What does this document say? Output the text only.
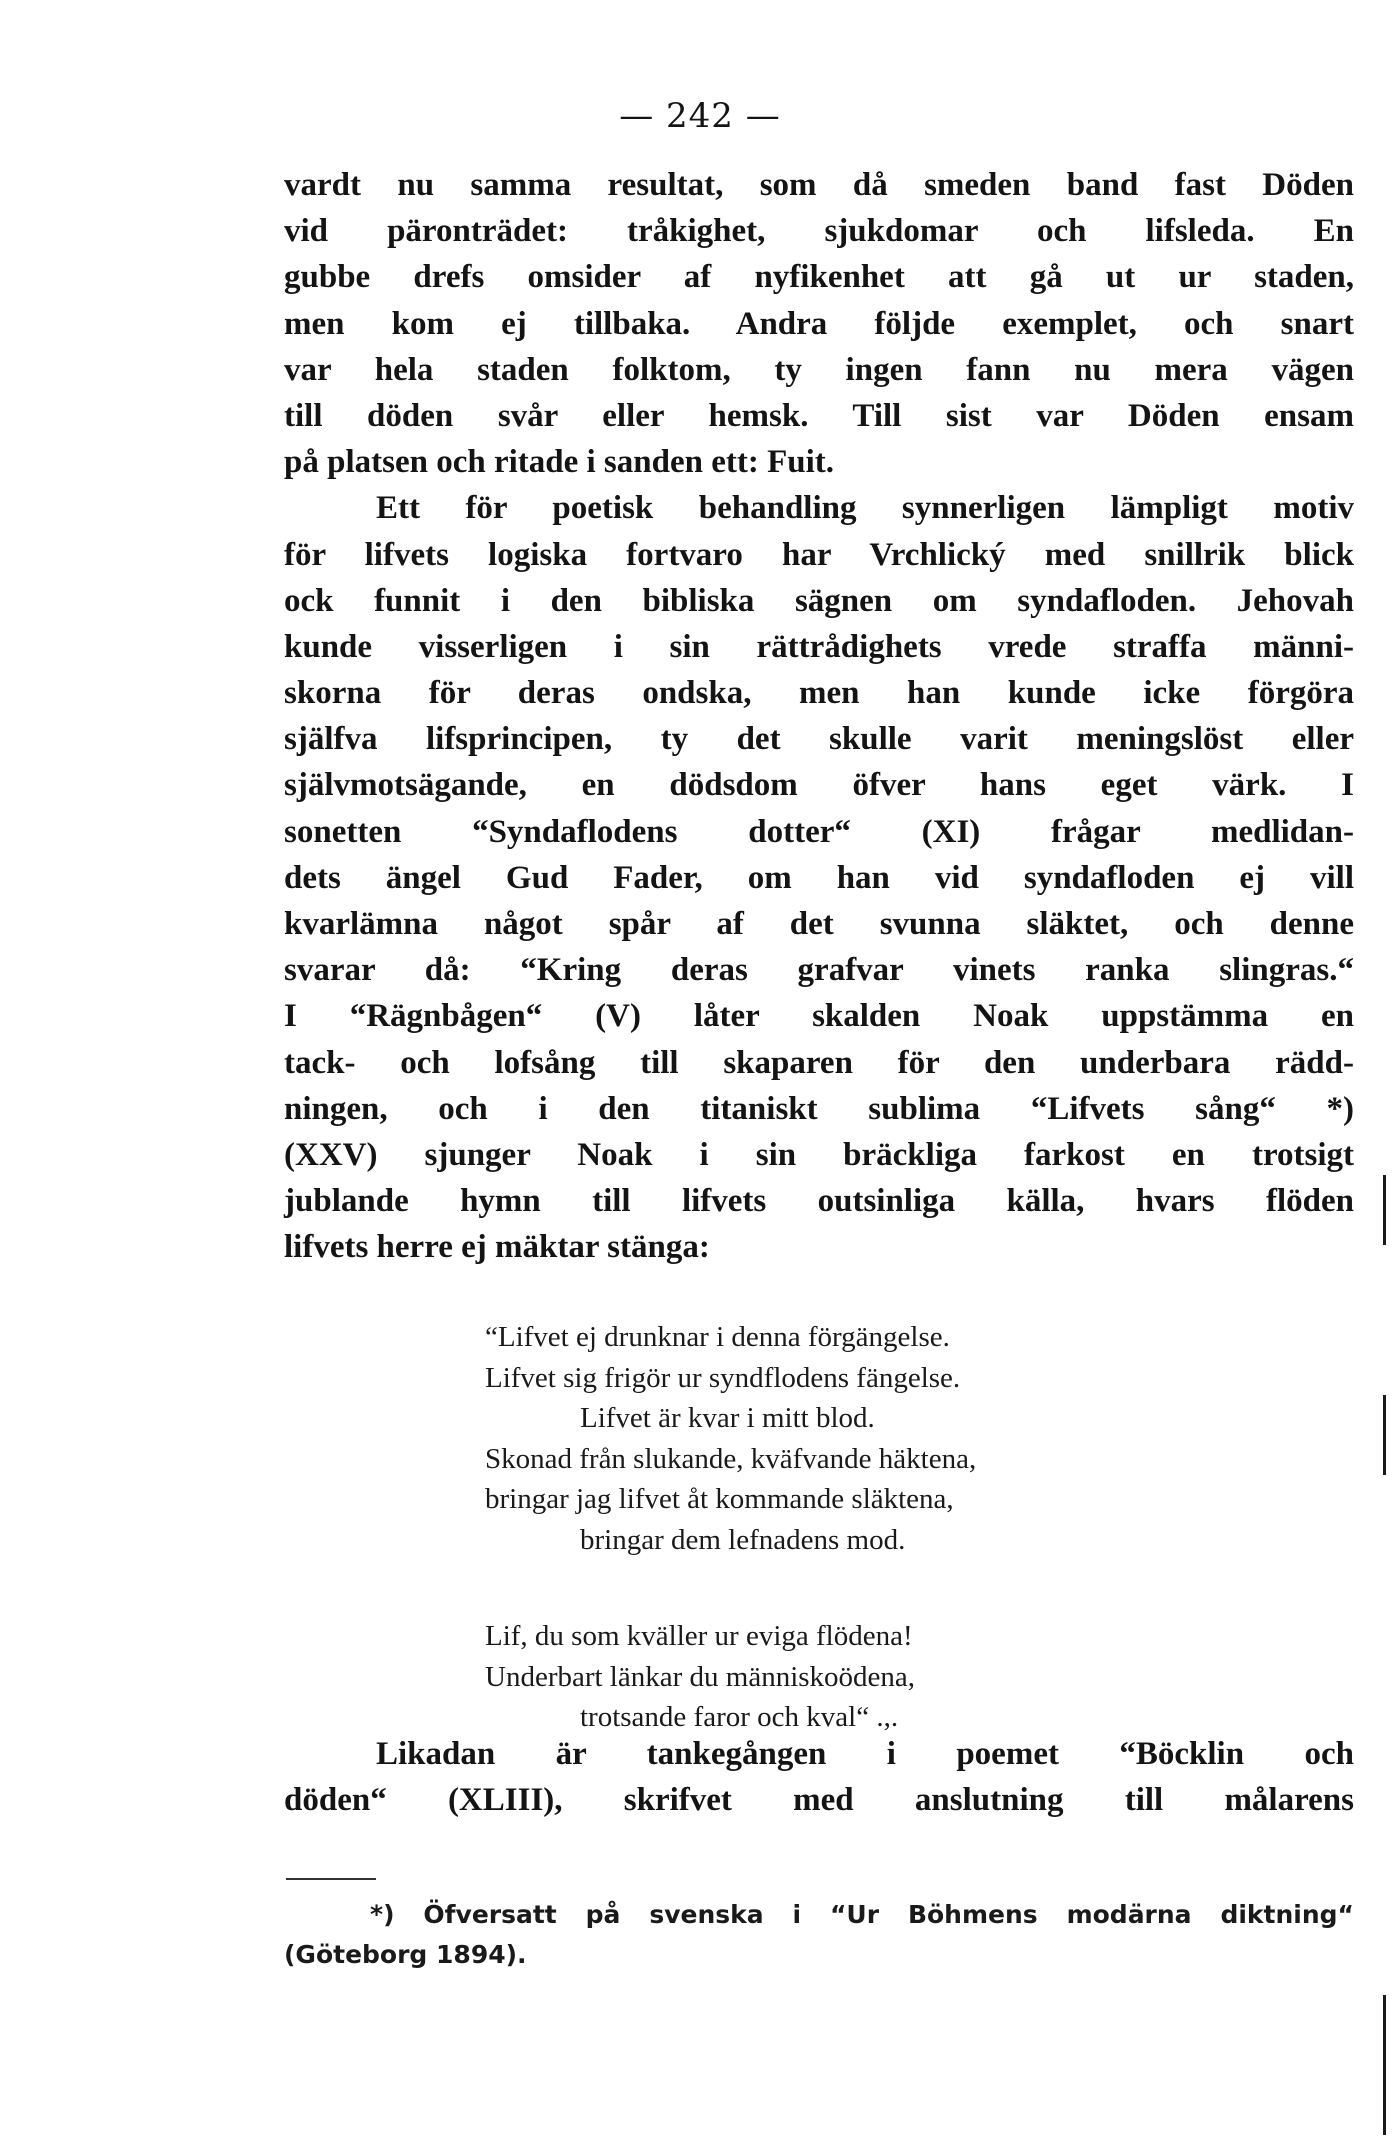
— 242 —
vardt nu samma resultat, som då smeden band fast Döden
vid päronträdet: tråkighet, sjukdomar och lifsleda. En
gubbe drefs omsider af nyfikenhet att gå ut ur staden,
men kom ej tillbaka. Andra följde exemplet, och snart
var hela staden folktom, ty ingen fann nu mera vägen
till döden svår eller hemsk. Till sist var Döden ensam
på platsen och ritade i sanden ett: Fuit.
Ett för poetisk behandling synnerligen lämpligt motiv
för lifvets logiska fortvaro har Vrchlický med snillrik blick
ock funnit i den bibliska sägnen om syndafloden. Jehovah
kunde visserligen i sin rättrådighets vrede straffa männi-
skorna för deras ondska, men han kunde icke förgöra
själfva lifsprincipen, ty det skulle varit meningslöst eller
självmotsägande, en dödsdom öfver hans eget värk. I
sonetten “Syndaflodens dotter“ (XI) frågar medlidan-
dets ängel Gud Fader, om han vid syndafloden ej vill
kvarlämna något spår af det svunna släktet, och denne
svarar då: “Kring deras grafvar vinets ranka slingras.“
I “Rägnbågen“ (V) låter skalden Noak uppstämma en
tack- och lofsång till skaparen för den underbara rädd-
ningen, och i den titaniskt sublima “Lifvets sång“ *)
(XXV) sjunger Noak i sin bräckliga farkost en trotsigt
jublande hymn till lifvets outsinliga källa, hvars flöden
lifvets herre ej mäktar stänga:
“Lifvet ej drunknar i denna förgängelse.
Lifvet sig frigör ur syndflodens fängelse.
Lifvet är kvar i mitt blod.
Skonad från slukande, kväfvande häktena,
bringar jag lifvet åt kommande släktena,
bringar dem lefnadens mod.
Lif, du som kväller ur eviga flödena!
Underbart länkar du människoödena,
trotsande faror och kval“ .,.
Likadan är tankegången i poemet “Böcklin och
döden“ (XLIII), skrifvet med anslutning till målarens
*) Öfversatt på svenska i “Ur Böhmens modärna diktning“
(Göteborg 1894).
